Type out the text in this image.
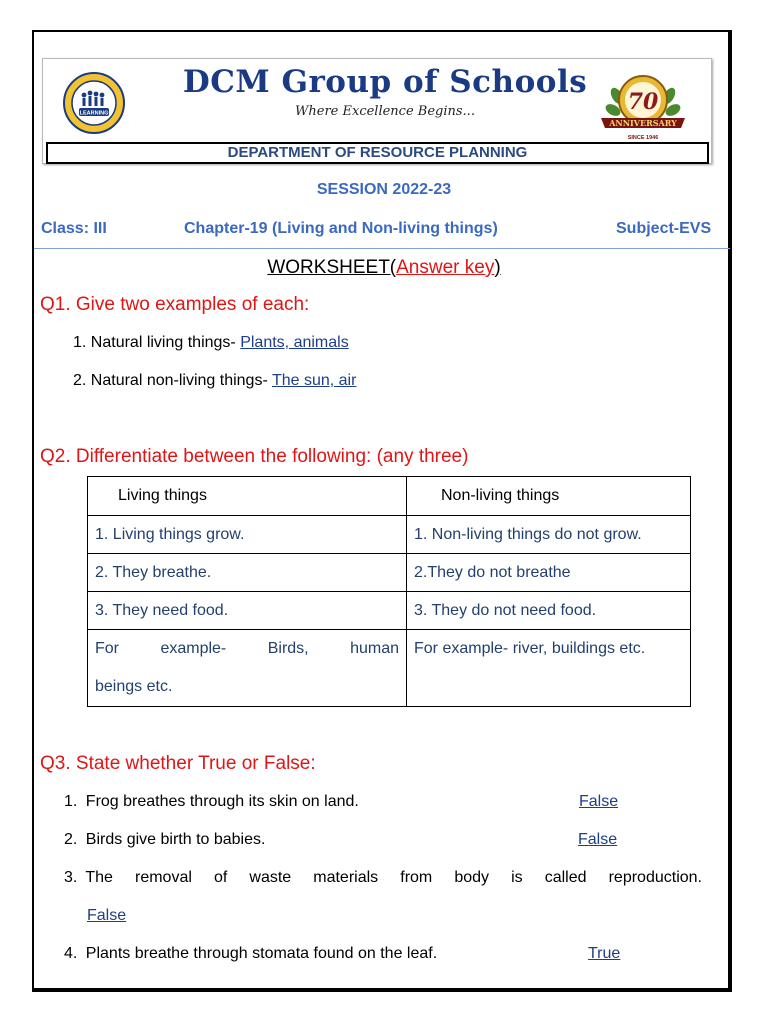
LEARNING	70
ANNIVERSARY
SINCE 1946
DCM Group of Schools
Where Excellence Begins...
DEPARTMENT OF RESOURCE PLANNING
SESSION 2022-23
Class: III	Chapter-19 (Living and Non-living things)	Subject-EVS
WORKSHEET(Answer key)
Q1. Give two examples of each:
1. Natural living things- Plants, animals
2. Natural non-living things- The sun, air
Q2. Differentiate between the following: (any three)
Living things	Non-living things
1. Living things grow.	1. Non-living things do not grow.
2. They breathe.	2.They do not breathe
3. They need food.	3. They do not need food.

For example- Birds, human
beings etc.	For example- river, buildings etc.
Q3. State whether True or False:
1. Frog breathes through its skin on land.	False
2. Birds give birth to babies.	False
3. The removal of waste materials from body is called reproduction.
False
4. Plants breathe through stomata found on the leaf.	True
